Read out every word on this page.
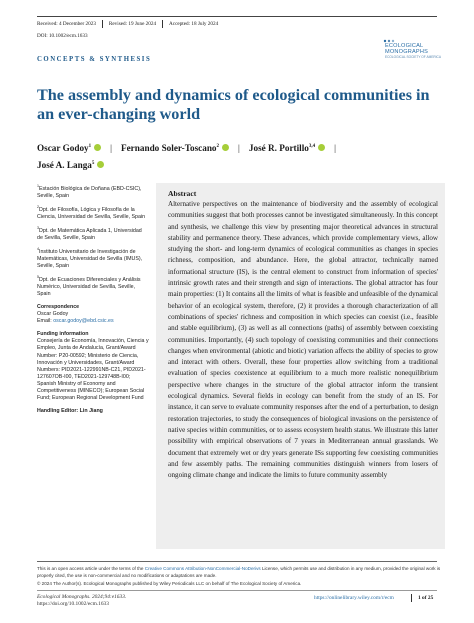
Received: 4 December 2023	Revised: 19 June 2024	Accepted: 18 July 2024
DOI: 10.1002/ecm.1633
CONCEPTS & SYNTHESIS
ECOLOGICAL
MONOGRAPHS
ECOLOGICAL SOCIETY OF AMERICA
The assembly and dynamics of ecological communities in an ever-changing world
Oscar Godoy$^1$ | Fernando Soler-Toscano$^2$ | José R. Portillo$^{3,4}$ |
José A. Langa$^5$
$^1$Estación Biológica de Doñana (EBD-CSIC), Seville, Spain
$^2$Dpt. de Filosofía, Lógica y Filosofía de la Ciencia, Universidad de Sevilla, Seville, Spain
$^3$Dpt. de Matemática Aplicada 1, Universidad de Sevilla, Seville, Spain
$^4$Instituto Universitario de Investigación de Matemáticas, Universidad de Sevilla (IMUS), Seville, Spain
$^5$Dpt. de Ecuaciones Diferenciales y Análisis Numérico, Universidad de Sevilla, Seville, Spain
Correspondence
Oscar Godoy
Email: oscar.godoy@ebd.csic.es
Funding information
Consejería de Economía, Innovación, Ciencia y Empleo, Junta de Andalucía, Grant/Award Number: P20-00592; Ministerio de Ciencia, Innovación y Universidades, Grant/Award Numbers: PID2021-122991NB-C21, PID2021-127607OB-I00, TED2021-129748B-I00; Spanish Ministry of Economy and Competitiveness (MINECO); European Social Fund; European Regional Development Fund
Handling Editor: Lin Jiang
Abstract
Alternative perspectives on the maintenance of biodiversity and the assembly of ecological communities suggest that both processes cannot be investigated simultaneously. In this concept and synthesis, we challenge this view by presenting major theoretical advances in structural stability and permanence theory. These advances, which provide complementary views, allow studying the short- and long-term dynamics of ecological communities as changes in species richness, composition, and abundance. Here, the global attractor, technically named informational structure (IS), is the central element to construct from information of species' intrinsic growth rates and their strength and sign of interactions. The global attractor has four main properties: (1) It contains all the limits of what is feasible and unfeasible of the dynamical behavior of an ecological system, therefore, (2) it provides a thorough characterization of all combinations of species' richness and composition in which species can coexist (i.e., feasible and stable equilibrium), (3) as well as all connections (paths) of assembly between coexisting communities. Importantly, (4) such topology of coexisting communities and their connections changes when environmental (abiotic and biotic) variation affects the ability of species to grow and interact with others. Overall, these four properties allow switching from a traditional evaluation of species coexistence at equilibrium to a much more realistic nonequilibrium perspective where changes in the structure of the global attractor inform the transient ecological dynamics. Several fields in ecology can benefit from the study of an IS. For instance, it can serve to evaluate community responses after the end of a perturbation, to design restoration trajectories, to study the consequences of biological invasions on the persistence of native species within communities, or to assess ecosystem health status. We illustrate this latter possibility with empirical observations of 7 years in Mediterranean annual grasslands. We document that extremely wet or dry years generate ISs supporting few coexisting communities and few assembly paths. The remaining communities distinguish winners from losers of ongoing climate change and indicate the limits to future community assembly
This is an open access article under the terms of the Creative Commons Attribution-NonCommercial-NoDerivs License, which permits use and distribution in any medium, provided the original work is properly cited, the use is non-commercial and no modifications or adaptations are made.
© 2024 The Author(s). Ecological Monographs published by Wiley Periodicals LLC on behalf of The Ecological Society of America.
Ecological Monographs. 2024;94:e1633.
https://doi.org/10.1002/ecm.1633
https://onlinelibrary.wiley.com/r/ecm	1 of 25
